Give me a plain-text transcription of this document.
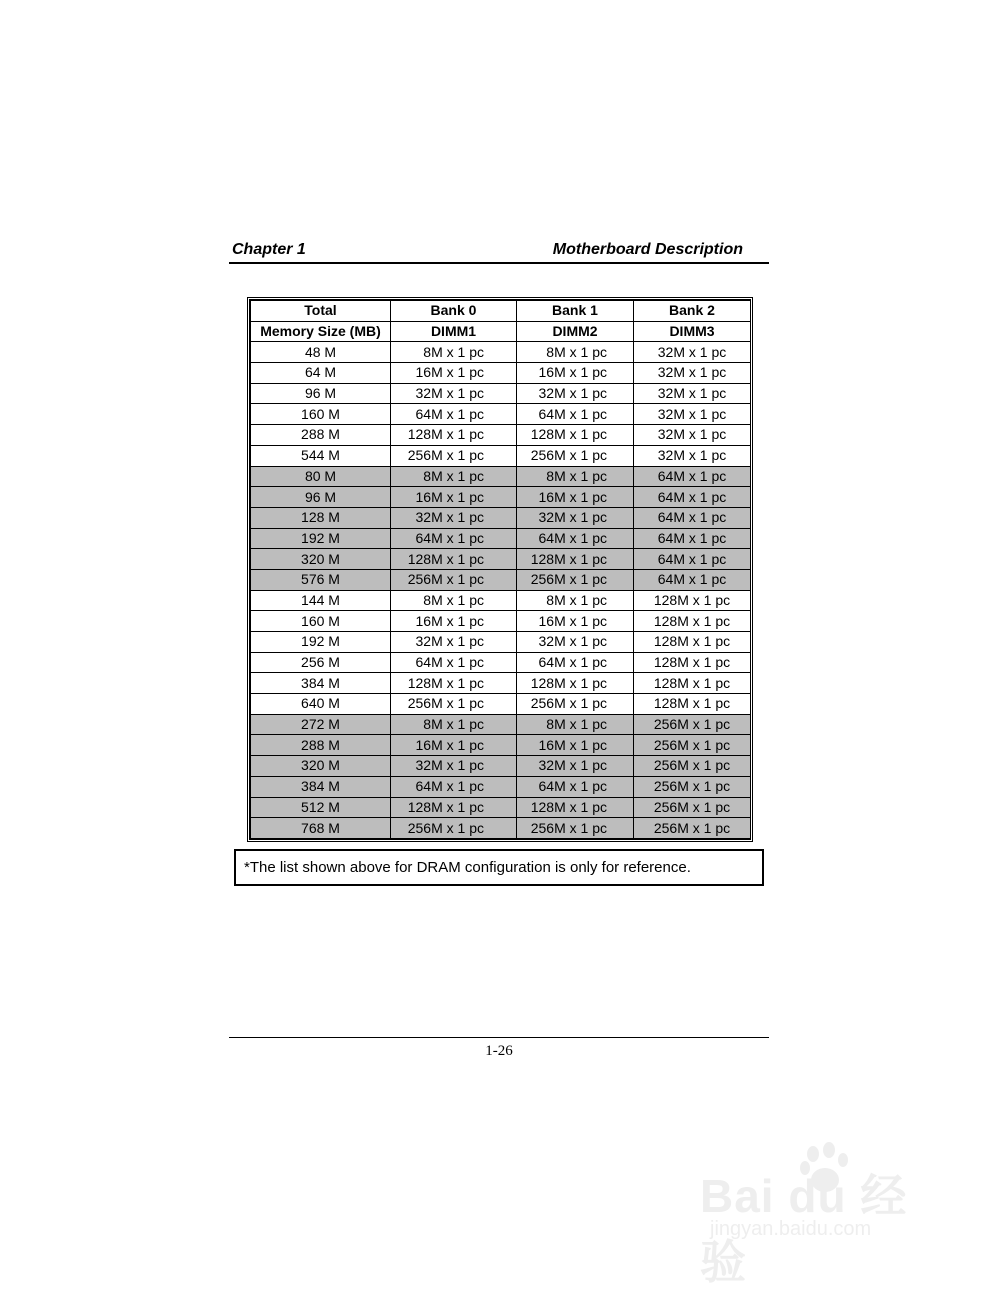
Chapter 1	Motherboard Description
Total	Bank 0	Bank 1	Bank 2
Memory Size (MB)	DIMM1	DIMM2	DIMM3
48 M	8M x 1 pc	8M x 1 pc	32M x 1 pc
64 M	16M x 1 pc	16M x 1 pc	32M x 1 pc
96 M	32M x 1 pc	32M x 1 pc	32M x 1 pc
160 M	64M x 1 pc	64M x 1 pc	32M x 1 pc
288 M	128M x 1 pc	128M x 1 pc	32M x 1 pc
544 M	256M x 1 pc	256M x 1 pc	32M x 1 pc
80 M	8M x 1 pc	8M x 1 pc	64M x 1 pc
96 M	16M x 1 pc	16M x 1 pc	64M x 1 pc
128 M	32M x 1 pc	32M x 1 pc	64M x 1 pc
192 M	64M x 1 pc	64M x 1 pc	64M x 1 pc
320 M	128M x 1 pc	128M x 1 pc	64M x 1 pc
576 M	256M x 1 pc	256M x 1 pc	64M x 1 pc
144 M	8M x 1 pc	8M x 1 pc	128M x 1 pc
160 M	16M x 1 pc	16M x 1 pc	128M x 1 pc
192 M	32M x 1 pc	32M x 1 pc	128M x 1 pc
256 M	64M x 1 pc	64M x 1 pc	128M x 1 pc
384 M	128M x 1 pc	128M x 1 pc	128M x 1 pc
640 M	256M x 1 pc	256M x 1 pc	128M x 1 pc
272 M	8M x 1 pc	8M x 1 pc	256M x 1 pc
288 M	16M x 1 pc	16M x 1 pc	256M x 1 pc
320 M	32M x 1 pc	32M x 1 pc	256M x 1 pc
384 M	64M x 1 pc	64M x 1 pc	256M x 1 pc
512 M	128M x 1 pc	128M x 1 pc	256M x 1 pc
768 M	256M x 1 pc	256M x 1 pc	256M x 1 pc
*The list shown above for DRAM configuration is only for reference.
1-26
Bai du 经验
jingyan.baidu.com
